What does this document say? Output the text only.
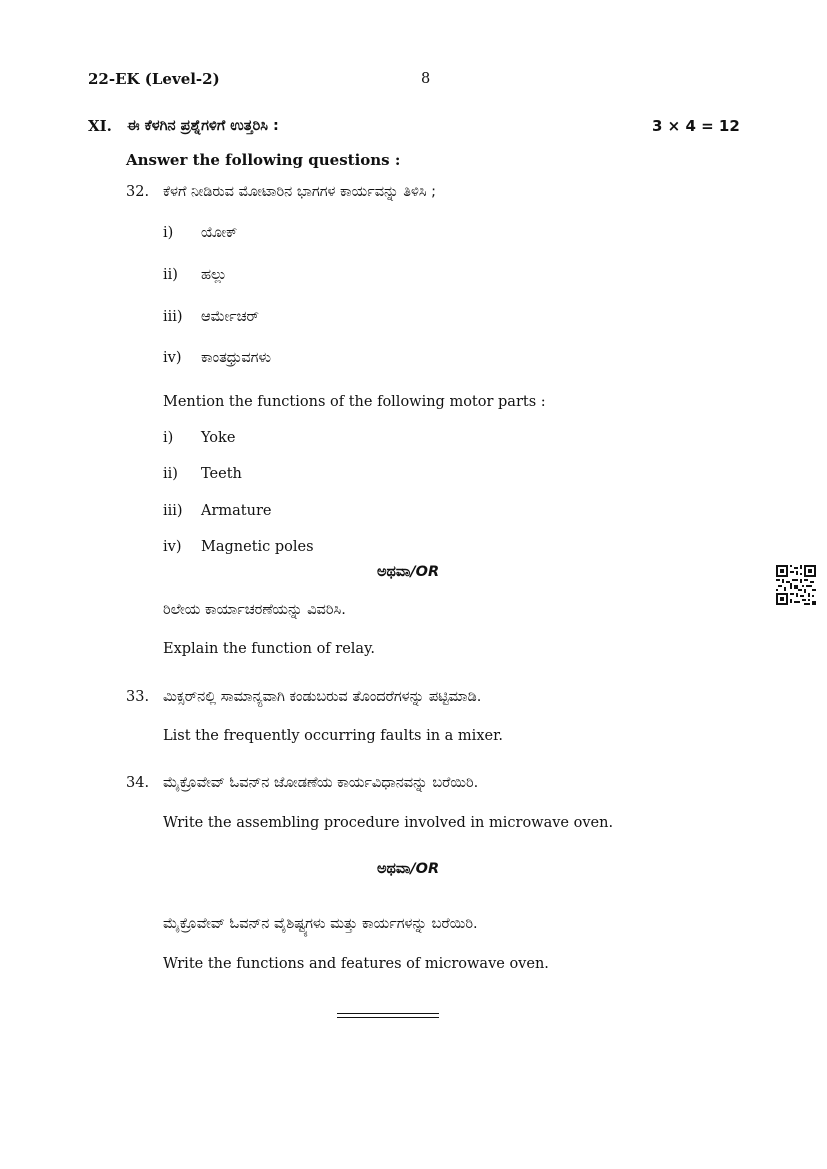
22-EK (Level-2)	8
XI. ಈ ಕೆಳಗಿನ ಪ್ರಶ್ನೆಗಳಿಗೆ ಉತ್ತರಿಸಿ :	3 × 4 = 12
Answer the following questions :
32. ಕೆಳಗೆ ನೀಡಿರುವ ಮೋಟಾರಿನ ಭಾಗಗಳ ಕಾರ್ಯವನ್ನು ತಿಳಿಸಿ ;
i) ಯೋಕ್
ii) ಹಲ್ಲು
iii) ಆರ್ಮೇಚರ್
iv) ಕಾಂತಧ್ರುವಗಳು
Mention the functions of the following motor parts :
i) Yoke
ii) Teeth
iii) Armature
iv) Magnetic poles
ಅಥವಾ/OR
ರಿಲೇಯ ಕಾರ್ಯಾಚರಣೆಯನ್ನು ವಿವರಿಸಿ.
Explain the function of relay.
33. ಮಿಕ್ಸರ್‌ನಲ್ಲಿ ಸಾಮಾನ್ಯವಾಗಿ ಕಂಡುಬರುವ ತೊಂದರೆಗಳನ್ನು ಪಟ್ಟಿಮಾಡಿ.
List the frequently occurring faults in a mixer.
34. ಮೈಕ್ರೊವೇವ್ ಓವನ್‌ನ ಜೋಡಣೆಯ ಕಾರ್ಯವಿಧಾನವನ್ನು ಬರೆಯಿರಿ.
Write the assembling procedure involved in microwave oven.
ಅಥವಾ/OR
ಮೈಕ್ರೊವೇವ್ ಓವನ್‌ನ ವೈಶಿಷ್ಟ್ಯಗಳು ಮತ್ತು ಕಾರ್ಯಗಳನ್ನು ಬರೆಯಿರಿ.
Write the functions and features of microwave oven.
